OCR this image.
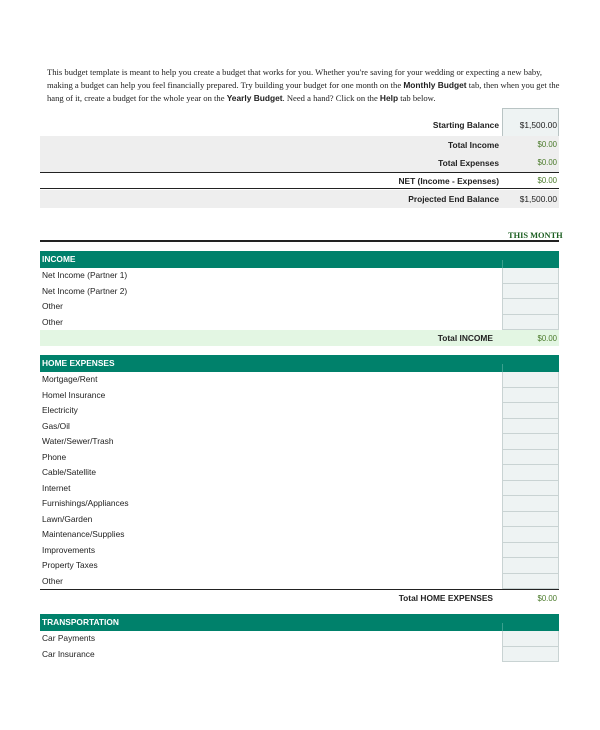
This budget template is meant to help you create a budget that works for you. Whether you're saving for your wedding or expecting a new baby, making a budget can help you feel financially prepared. Try building your budget for one month on the Monthly Budget tab, then when you get the hang of it, create a budget for the whole year on the Yearly Budget. Need a hand? Click on the Help tab below.
Starting Balance $1,500.00
Total Income	$0.00
Total Expenses	$0.00
NET (Income - Expenses)	$0.00
Projected End Balance $1,500.00
THIS MONTH
INCOME
Net Income (Partner 1)
Net Income (Partner 2)
Other
Other
Total INCOME	$0.00
HOME EXPENSES
Mortgage/Rent
Homel Insurance
Electricity
Gas/Oil
Water/Sewer/Trash
Phone
Cable/Satellite
Internet
Furnishings/Appliances
Lawn/Garden
Maintenance/Supplies
Improvements
Property Taxes
Other
Total HOME EXPENSES	$0.00
TRANSPORTATION
Car Payments
Car Insurance
